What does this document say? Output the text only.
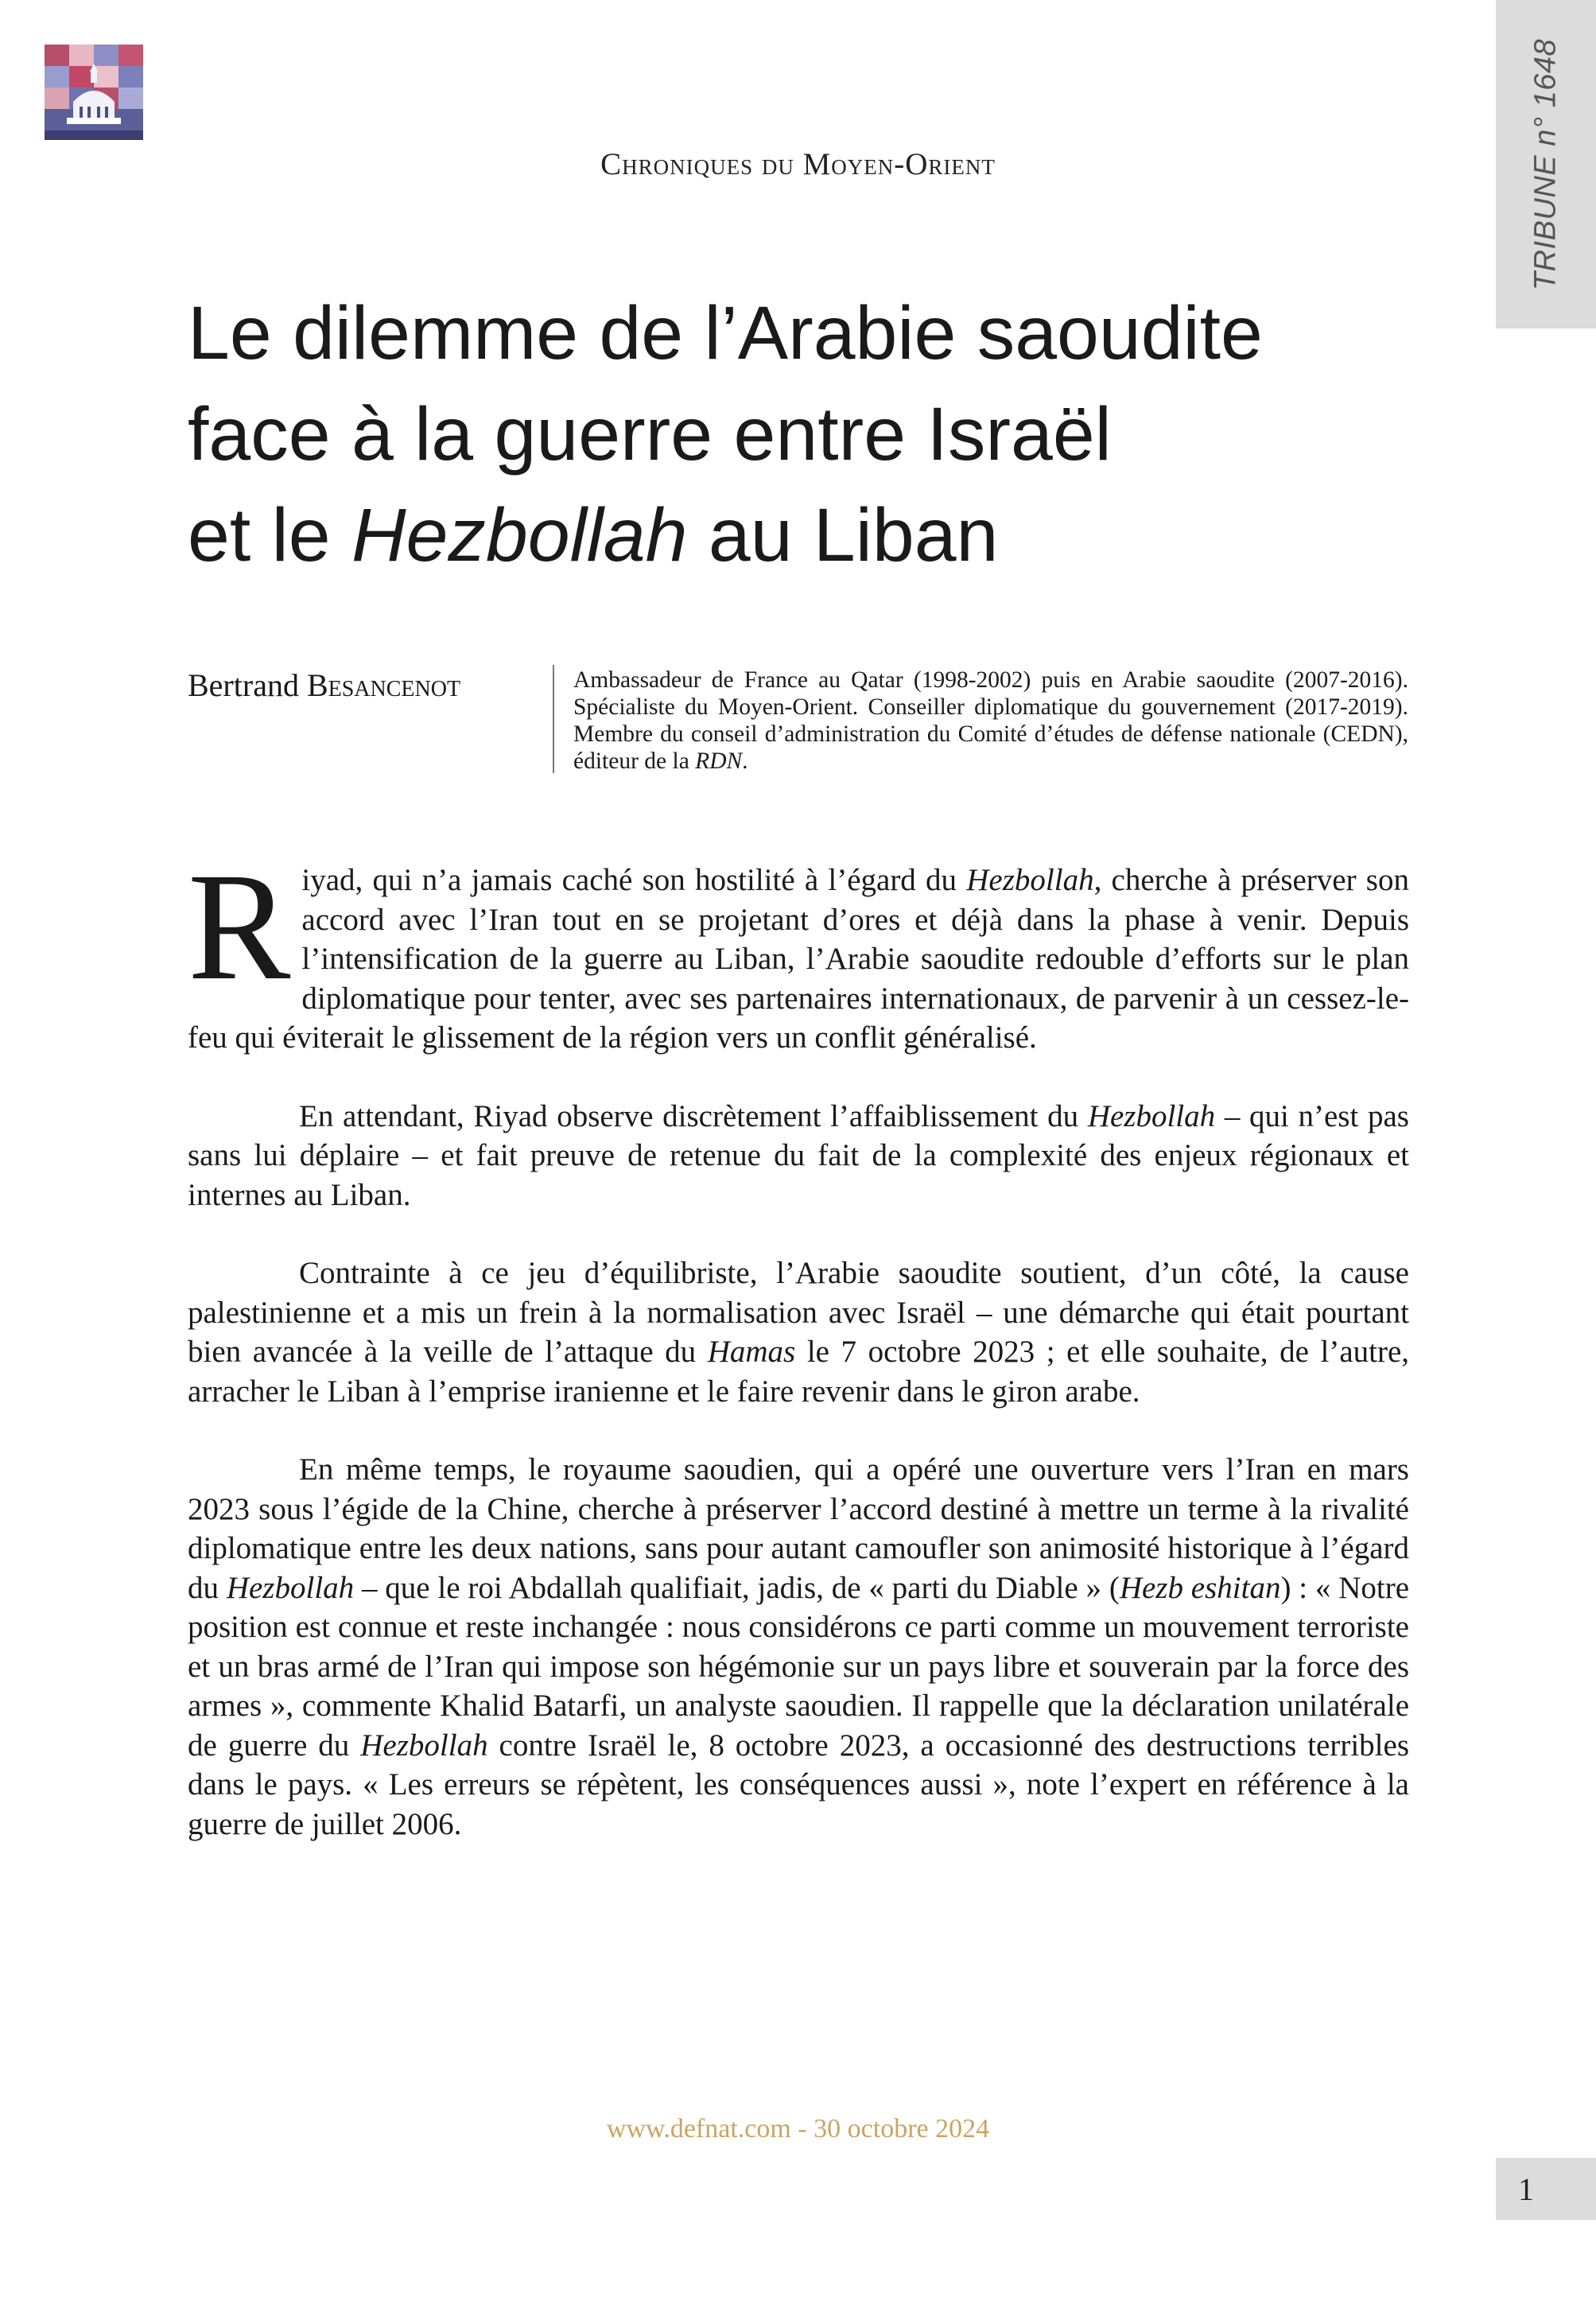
TRIBUNE n° 1648
Chroniques du Moyen-Orient
Le dilemme de l’Arabie saoudite
face à la guerre entre Israël
et le Hezbollah au Liban
Bertrand Besancenot	Ambassadeur de France au Qatar (1998-2002) puis en Arabie saoudite (2007-2016). Spécialiste du Moyen-Orient. Conseiller diplomatique du gouvernement (2017-2019). Membre du conseil d’administration du Comité d’études de défense nationale (CEDN), éditeur de la RDN.

Riyad, qui n’a jamais caché son hostilité à l’égard du Hezbollah, cherche à préserver son accord avec l’Iran tout en se projetant d’ores et déjà dans la phase à venir. Depuis l’intensification de la guerre au Liban, l’Arabie saoudite redouble d’efforts sur le plan diplomatique pour tenter, avec ses partenaires internationaux, de parvenir à un cessez-le-feu qui éviterait le glissement de la région vers un conflit généralisé.

En attendant, Riyad observe discrètement l’affaiblissement du Hezbollah – qui n’est pas sans lui déplaire – et fait preuve de retenue du fait de la complexité des enjeux régionaux et internes au Liban.

Contrainte à ce jeu d’équilibriste, l’Arabie saoudite soutient, d’un côté, la cause palestinienne et a mis un frein à la normalisation avec Israël – une démarche qui était pourtant bien avancée à la veille de l’attaque du Hamas le 7 octobre 2023 ; et elle souhaite, de l’autre, arracher le Liban à l’emprise iranienne et le faire revenir dans le giron arabe.

En même temps, le royaume saoudien, qui a opéré une ouverture vers l’Iran en mars 2023 sous l’égide de la Chine, cherche à préserver l’accord destiné à mettre un terme à la rivalité diplomatique entre les deux nations, sans pour autant camoufler son animosité historique à l’égard du Hezbollah – que le roi Abdallah qualifiait, jadis, de « parti du Diable » (Hezb eshitan) : « Notre position est connue et reste inchangée : nous considérons ce parti comme un mouvement terroriste et un bras armé de l’Iran qui impose son hégémonie sur un pays libre et souverain par la force des armes », commente Khalid Batarfi, un analyste saoudien. Il rappelle que la déclaration unilatérale de guerre du Hezbollah contre Israël le, 8 octobre 2023, a occasionné des destructions terribles dans le pays. « Les erreurs se répètent, les conséquences aussi », note l’expert en référence à la guerre de juillet 2006.

www.defnat.com - 30 octobre 2024
1
